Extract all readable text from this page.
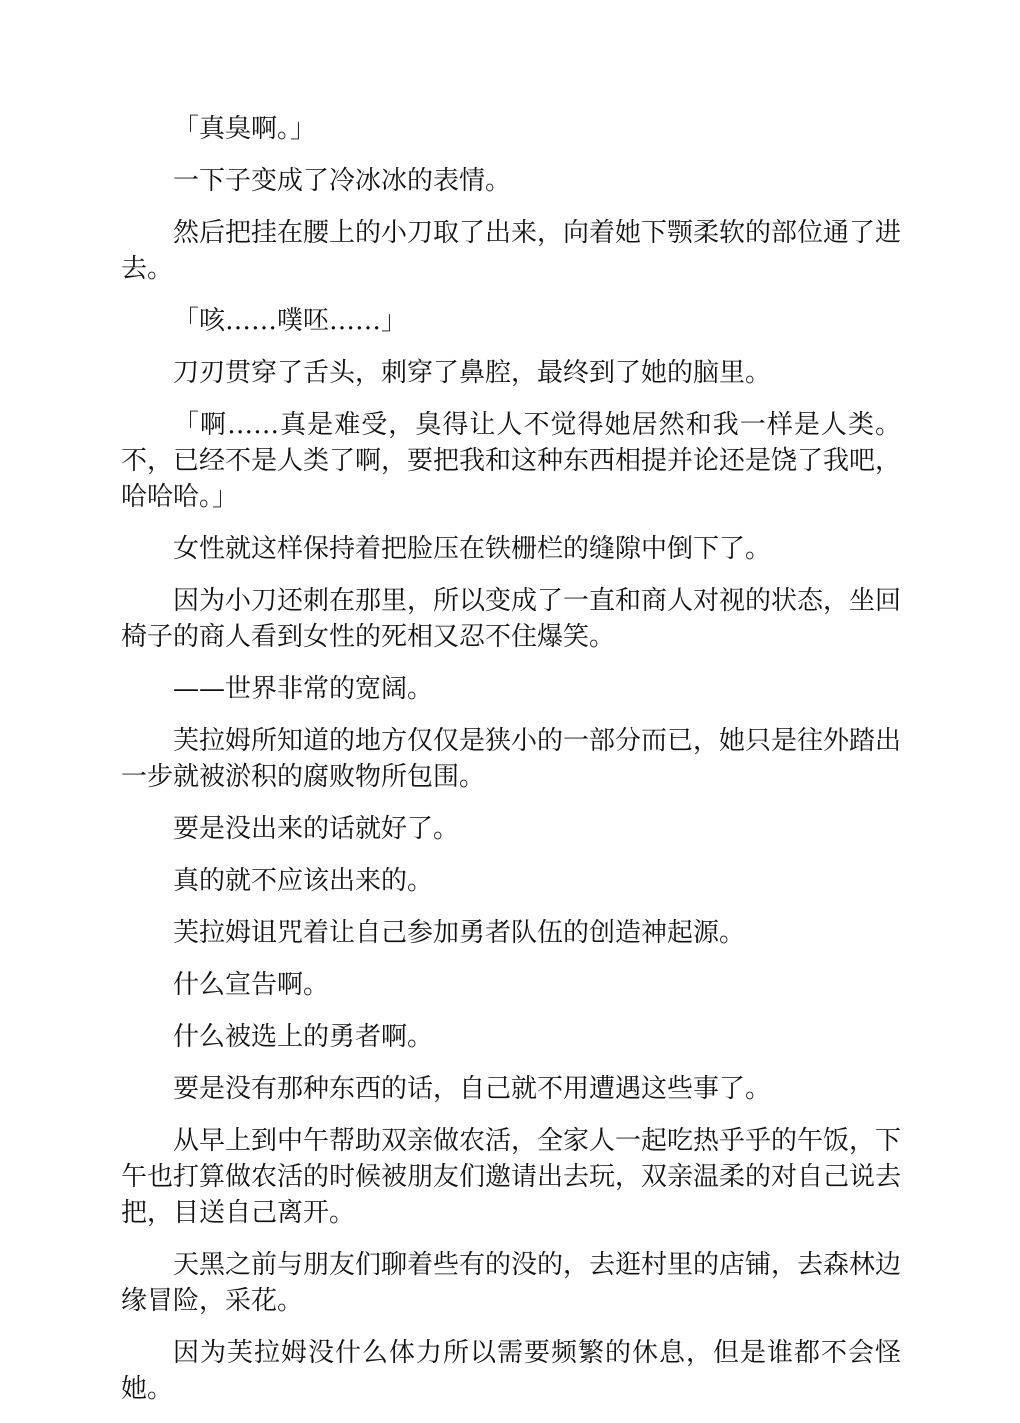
「真臭啊。」

一下子变成了冷冰冰的表情。

然后把挂在腰上的小刀取了出来，向着她下颚柔软的部位通了进去。

「咳……噗呸……」

刀刃贯穿了舌头，刺穿了鼻腔，最终到了她的脑里。

「啊……真是难受，臭得让人不觉得她居然和我一样是人类。不，已经不是人类了啊，要把我和这种东西相提并论还是饶了我吧，哈哈哈。」

女性就这样保持着把脸压在铁栅栏的缝隙中倒下了。

因为小刀还刺在那里，所以变成了一直和商人对视的状态，坐回椅子的商人看到女性的死相又忍不住爆笑。

——世界非常的宽阔。

芙拉姆所知道的地方仅仅是狭小的一部分而已，她只是往外踏出一步就被淤积的腐败物所包围。

要是没出来的话就好了。

真的就不应该出来的。

芙拉姆诅咒着让自己参加勇者队伍的创造神起源。

什么宣告啊。

什么被选上的勇者啊。

要是没有那种东西的话，自己就不用遭遇这些事了。

从早上到中午帮助双亲做农活，全家人一起吃热乎乎的午饭，下午也打算做农活的时候被朋友们邀请出去玩，双亲温柔的对自己说去把，目送自己离开。

天黑之前与朋友们聊着些有的没的，去逛村里的店铺，去森林边缘冒险，采花。

因为芙拉姆没什么体力所以需要频繁的休息，但是谁都不会怪她。
